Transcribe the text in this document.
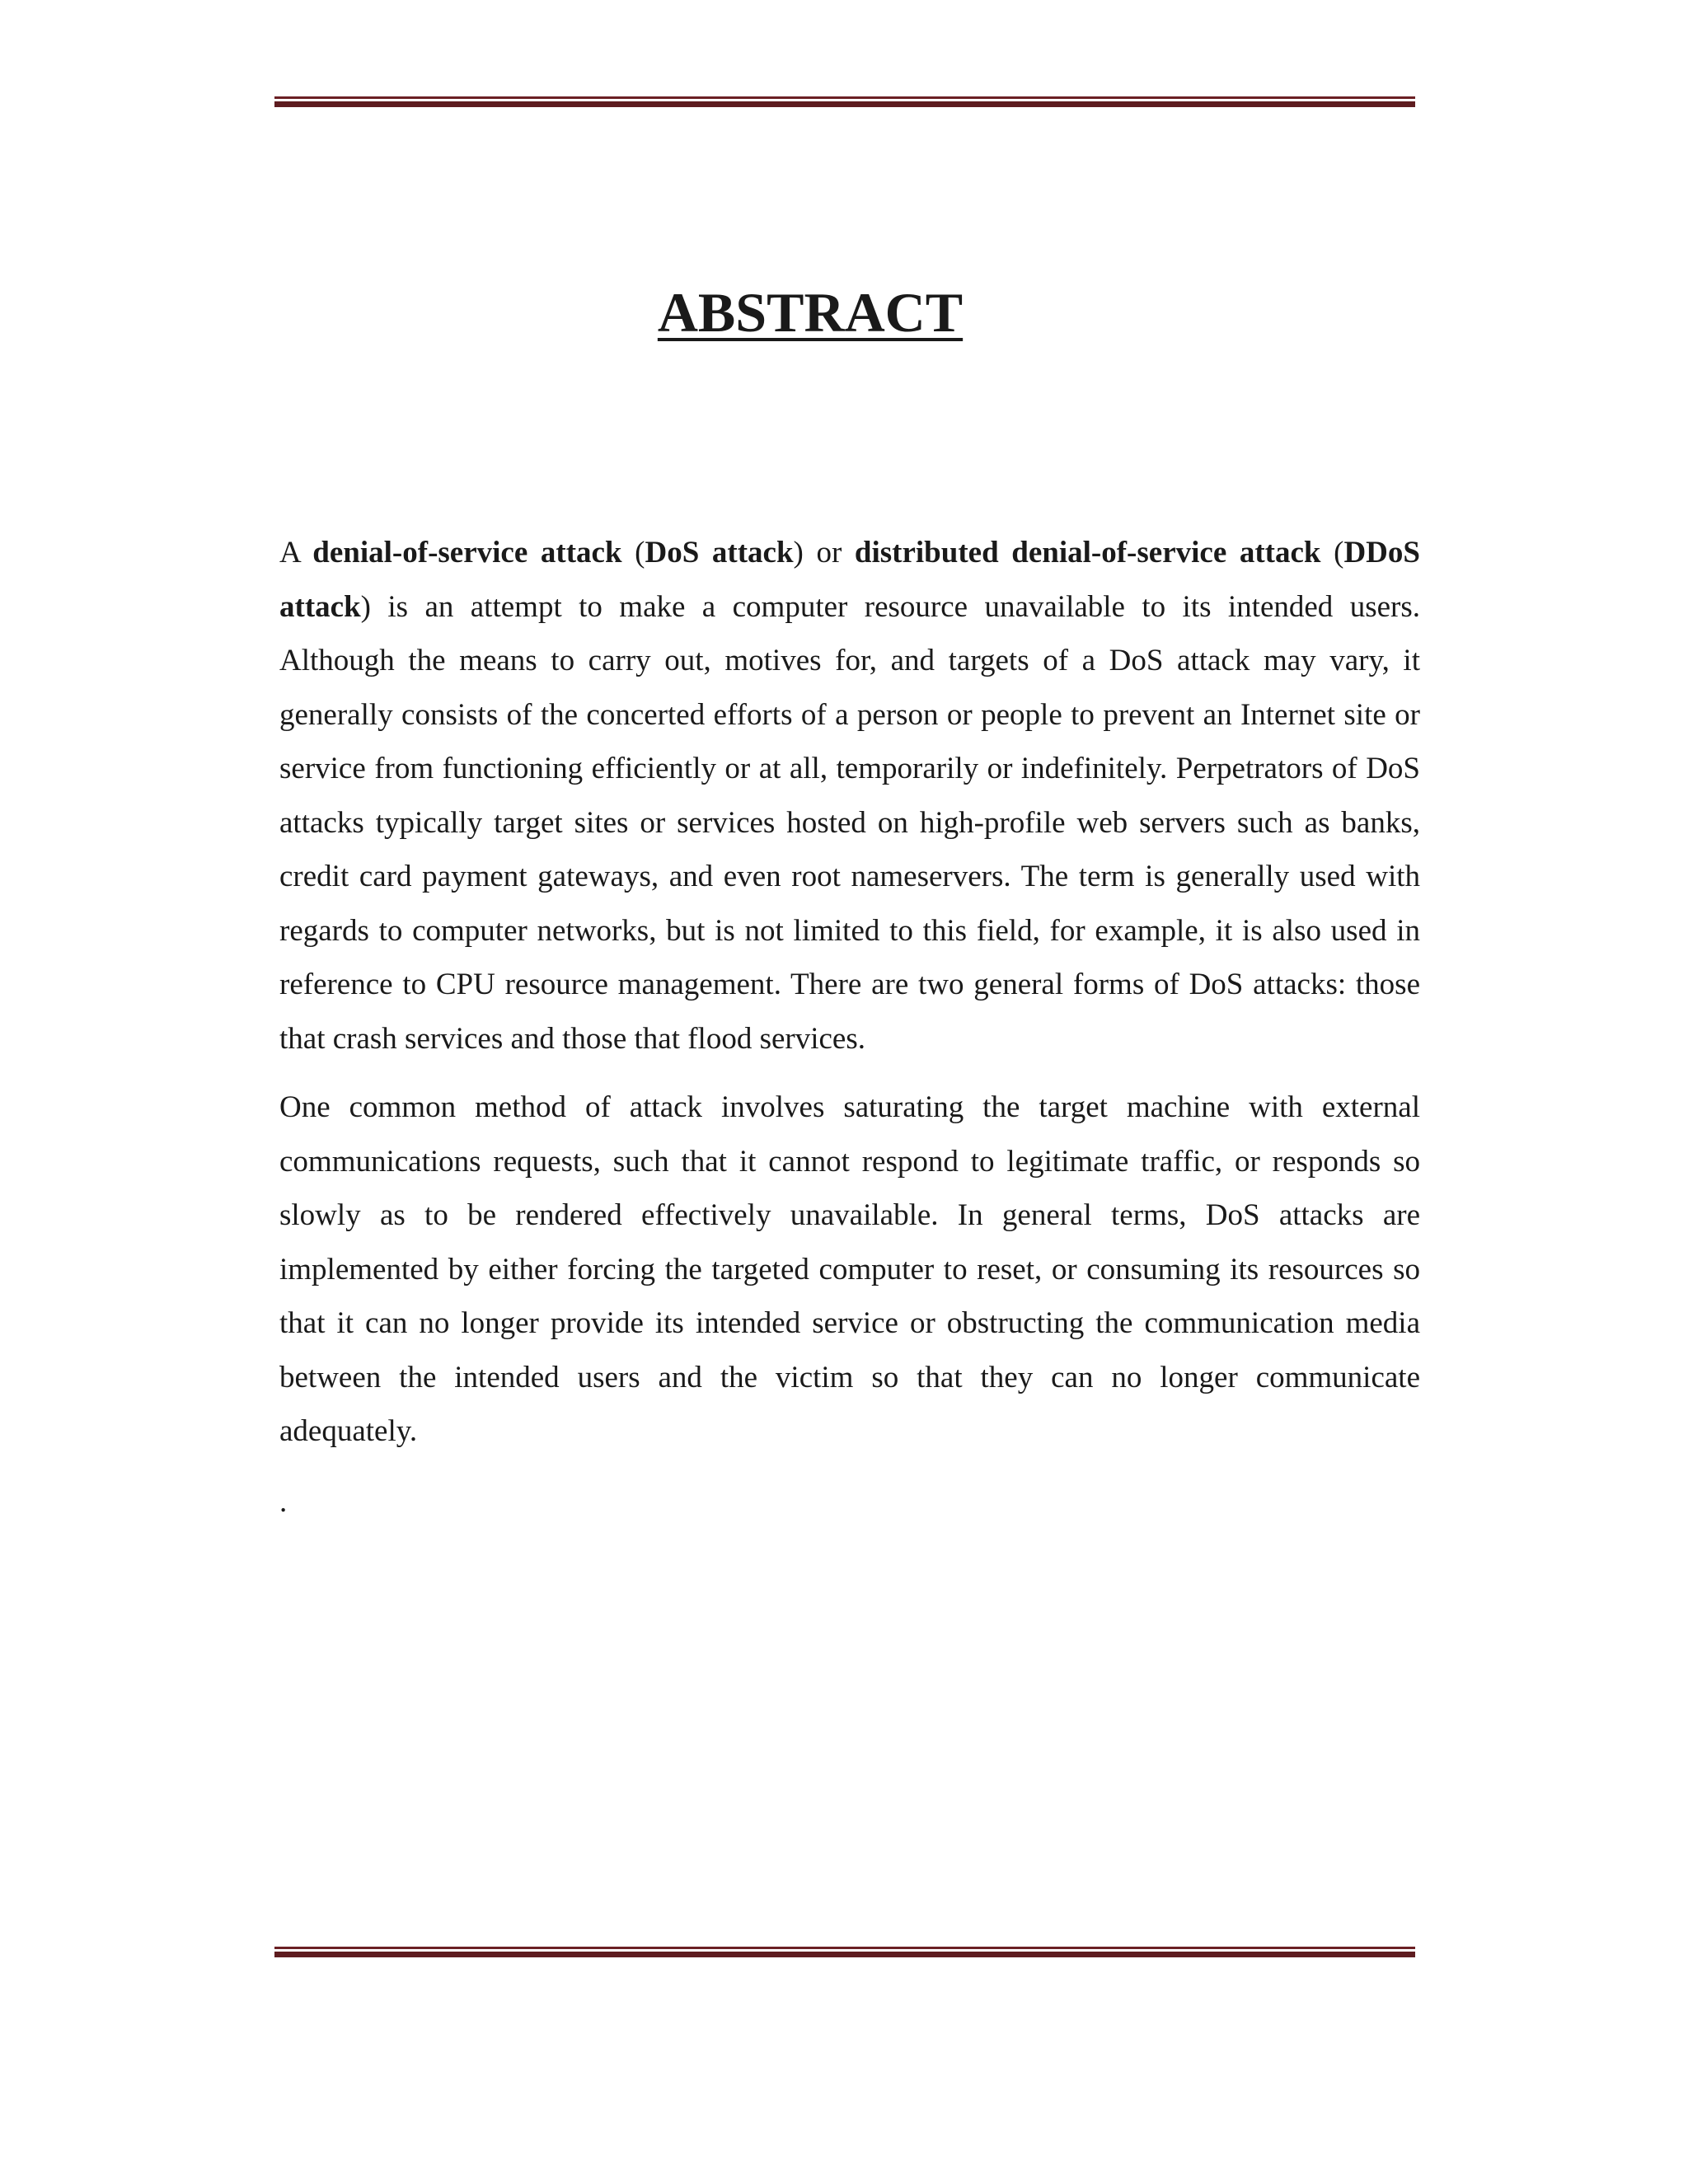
ABSTRACT

A denial-of-service attack (DoS attack) or distributed denial-of-service attack (DDoS attack) is an attempt to make a computer resource unavailable to its intended users. Although the means to carry out, motives for, and targets of a DoS attack may vary, it generally consists of the concerted efforts of a person or people to prevent an Internet site or service from functioning efficiently or at all, temporarily or indefinitely. Perpetrators of DoS attacks typically target sites or services hosted on high-profile web servers such as banks, credit card payment gateways, and even root nameservers. The term is generally used with regards to computer networks, but is not limited to this field, for example, it is also used in reference to CPU resource management. There are two general forms of DoS attacks: those that crash services and those that flood services.

One common method of attack involves saturating the target machine with external communications requests, such that it cannot respond to legitimate traffic, or responds so slowly as to be rendered effectively unavailable. In general terms, DoS attacks are implemented by either forcing the targeted computer to reset, or consuming its resources so that it can no longer provide its intended service or obstructing the communication media between the intended users and the victim so that they can no longer communicate adequately.

.
